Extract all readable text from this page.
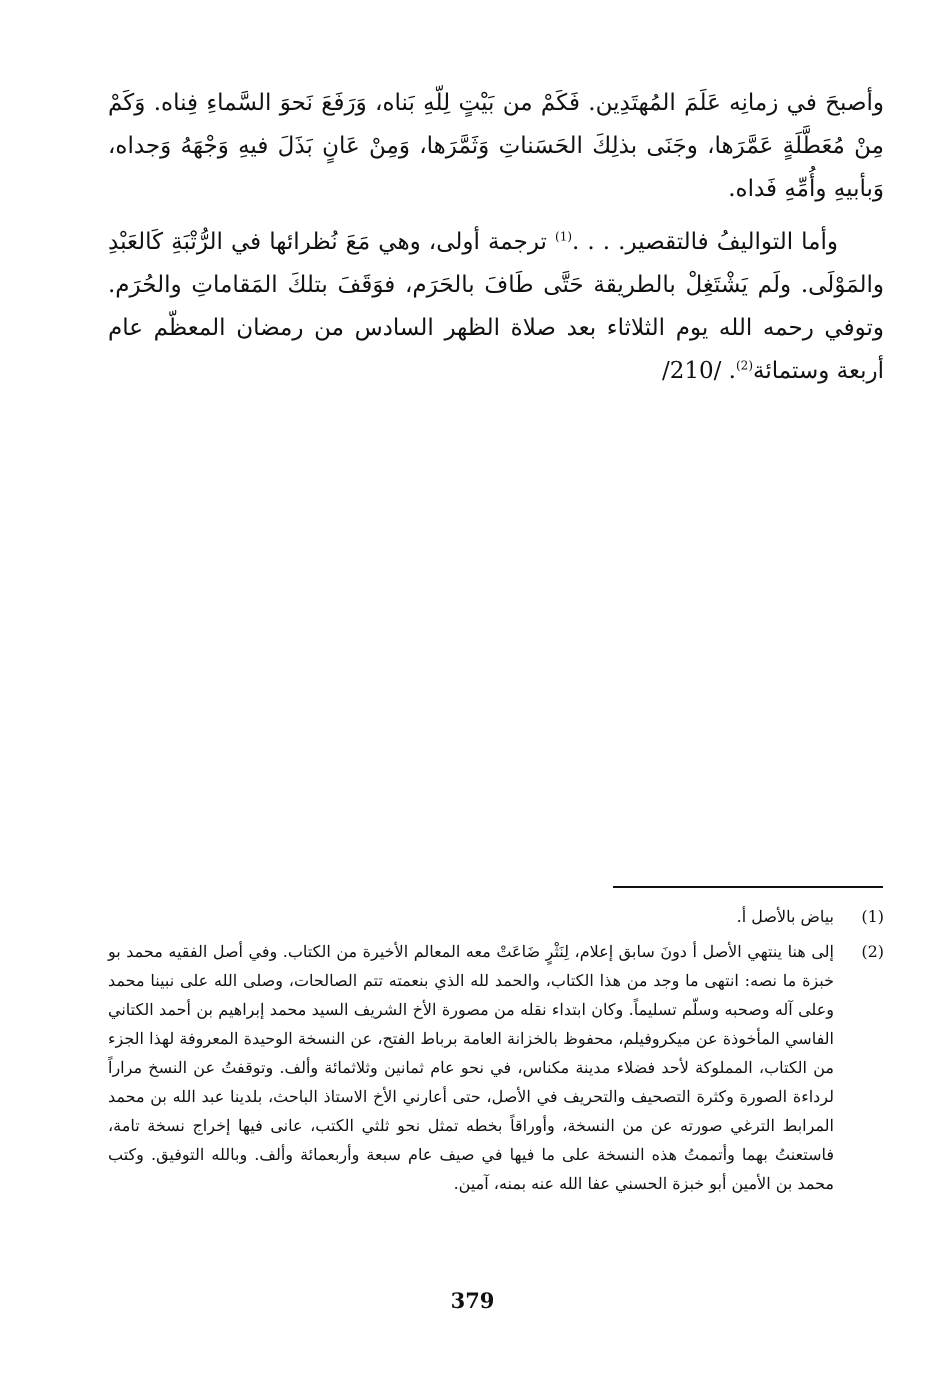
وأصبحَ في زمانِه عَلَمَ المُهتَدِين. فَكَمْ من بَيْتٍ لِلّهِ بَناه، وَرَفَعَ نَحوَ السَّماءِ فِناه. وَكَمْ مِنْ مُعَطَّلَةٍ عَمَّرَها، وجَنَى بذلِكَ الحَسَناتِ وَثَمَّرَها، وَمِنْ عَانٍ بَذَلَ فيهِ وَجْهَهُ وَجداه، وَبأبيهِ وأُمِّهِ فَداه.

وأما التواليفُ فالتقصير. . . .$^{(1)}$ ترجمة أولى، وهي مَعَ نُظرائها في الرُّتْبَةِ كَالعَبْدِ والمَوْلَى. ولَم يَشْتَغِلْ بالطريقة حَتَّى طَافَ بالحَرَم، فوَقَفَ بتلكَ المَقاماتِ والحُرَم. وتوفي رحمه الله يوم الثلاثاء بعد صلاة الظهر السادس من رمضان المعظّم عام أربعة وستمائة$^{(2)}$. /210/

(1)
بياض بالأصل أ.
(2)
إلى هنا ينتهي الأصل أ دونَ سابق إعلام، لِنَثْرٍ ضَاعَتْ معه المعالم الأخيرة من الكتاب. وفي أصل الفقيه محمد بو خبزة ما نصه: انتهى ما وجد من هذا الكتاب، والحمد لله الذي بنعمته تتم الصالحات، وصلى الله على نبينا محمد وعلى آله وصحبه وسلّم تسليماً. وكان ابتداء نقله من مصورة الأخ الشريف السيد محمد إبراهيم بن أحمد الكتاني الفاسي المأخوذة عن ميكروفيلم، محفوظ بالخزانة العامة برباط الفتح، عن النسخة الوحيدة المعروفة لهذا الجزء من الكتاب، المملوكة لأحد فضلاء مدينة مكناس، في نحو عام ثمانين وثلاثمائة وألف. وتوقفتُ عن النسخ مراراً لرداءة الصورة وكثرة التصحيف والتحريف في الأصل، حتى أعارني الأخ الاستاذ الباحث، بلدينا عبد الله بن محمد المرابط الترغي صورته عن من النسخة، وأوراقاً بخطه تمثل نحو ثلثي الكتب، عانى فيها إخراج نسخة تامة، فاستعنتُ بهما وأتممتُ هذه النسخة على ما فيها في صيف عام سبعة وأربعمائة وألف. وبالله التوفيق. وكتب محمد بن الأمين أبو خبزة الحسني عفا الله عنه بمنه، آمين.
379
